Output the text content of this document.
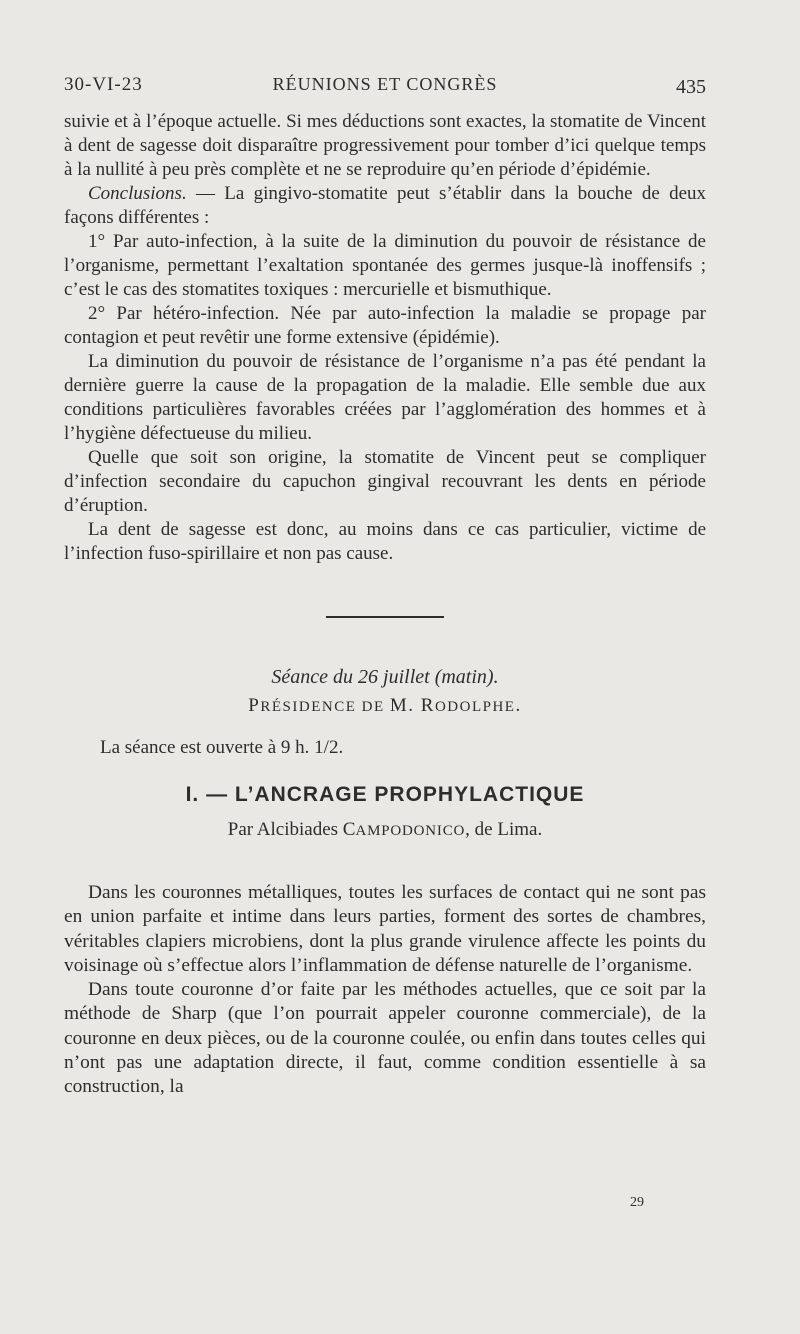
30-VI-23	RÉUNIONS ET CONGRÈS	435

suivie et à l’époque actuelle. Si mes déductions sont exactes, la stomatite de Vincent à dent de sagesse doit disparaître progressivement pour tomber d’ici quelque temps à la nullité à peu près complète et ne se reproduire qu’en période d’épidémie.

Conclusions. — La gingivo-stomatite peut s’établir dans la bouche de deux façons différentes :

1° Par auto-infection, à la suite de la diminution du pouvoir de résistance de l’organisme, permettant l’exaltation spontanée des germes jusque-là inoffensifs ; c’est le cas des stomatites toxiques : mercurielle et bismuthique.

2° Par hétéro-infection. Née par auto-infection la maladie se propage par contagion et peut revêtir une forme extensive (épidémie).

La diminution du pouvoir de résistance de l’organisme n’a pas été pendant la dernière guerre la cause de la propagation de la maladie. Elle semble due aux conditions particulières favorables créées par l’agglomération des hommes et à l’hygiène défectueuse du milieu.

Quelle que soit son origine, la stomatite de Vincent peut se compliquer d’infection secondaire du capuchon gingival recouvrant les dents en période d’éruption.

La dent de sagesse est donc, au moins dans ce cas particulier, victime de l’infection fuso-spirillaire et non pas cause.

Séance du 26 juillet (matin).
PRÉSIDENCE DE M. RODOLPHE.
La séance est ouverte à 9 h. 1/2.
I. — L’ANCRAGE PROPHYLACTIQUE
Par Alcibiades CAMPODONICO, de Lima.

Dans les couronnes métalliques, toutes les surfaces de contact qui ne sont pas en union parfaite et intime dans leurs parties, forment des sortes de chambres, véritables clapiers microbiens, dont la plus grande virulence affecte les points du voisinage où s’effectue alors l’inflammation de défense naturelle de l’organisme.

Dans toute couronne d’or faite par les méthodes actuelles, que ce soit par la méthode de Sharp (que l’on pourrait appeler couronne commerciale), de la couronne en deux pièces, ou de la couronne coulée, ou enfin dans toutes celles qui n’ont pas une adaptation directe, il faut, comme condition essentielle à sa construction, la

29
